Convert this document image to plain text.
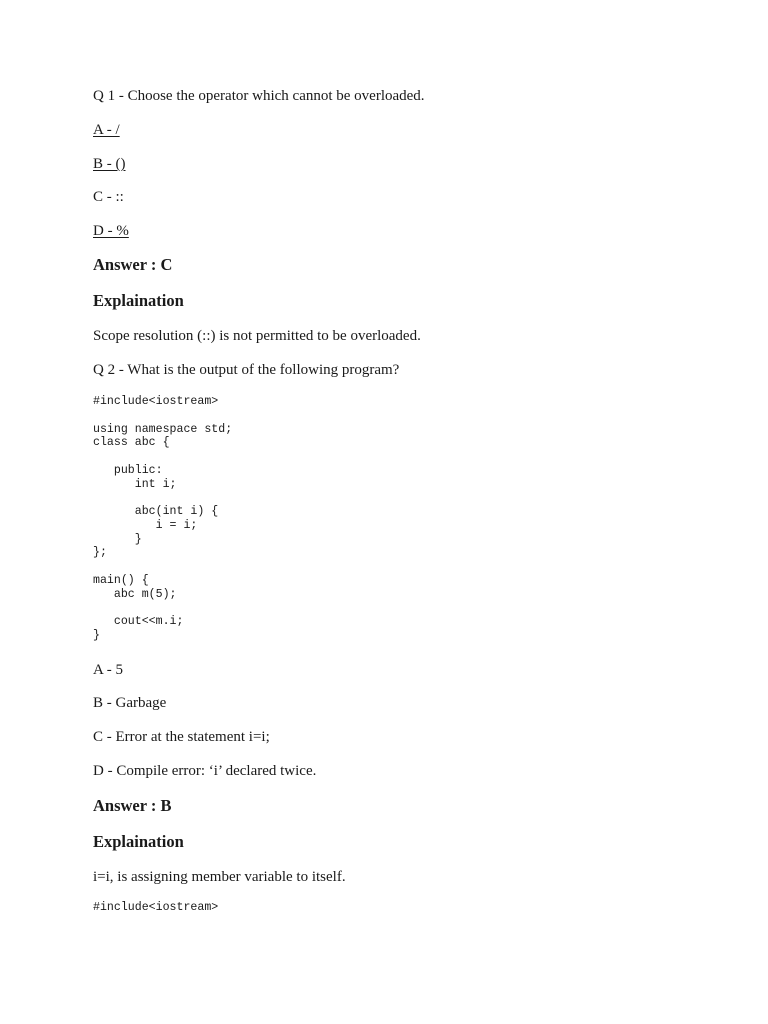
Q 1 - Choose the operator which cannot be overloaded.
A - /
B - ()
C - ::
D - %
Answer : C
Explaination
Scope resolution (::) is not permitted to be overloaded.
Q 2 - What is the output of the following program?
#include<iostream>

using namespace std;
class abc {

public:
int i;

abc(int i) {
i = i;
}
};

main() {
abc m(5);

cout<<m.i;
}
A - 5
B - Garbage
C - Error at the statement i=i;
D - Compile error: ‘i’ declared twice.
Answer : B
Explaination
i=i, is assigning member variable to itself.
#include<iostream>
